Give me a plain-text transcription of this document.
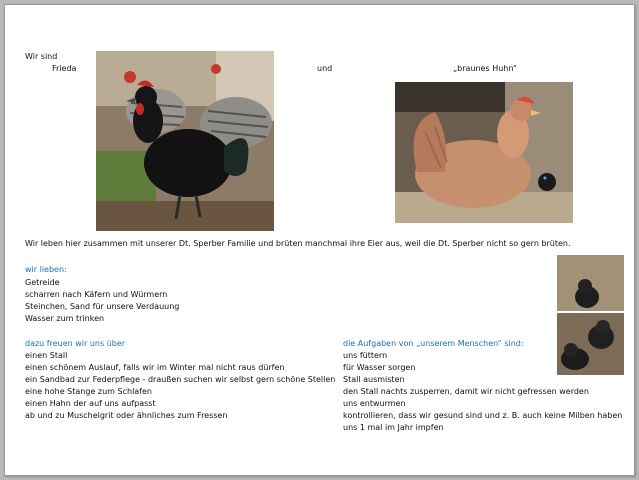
Wir sind
Frieda	und	„braunes Huhn“
Wir leben hier zusammen mit unserer Dt. Sperber Familie und brüten manchmal ihre Eier aus, weil die Dt. Sperber nicht so gern brüten.
wir lieben:
Getreide
scharren nach Käfern und Würmern
Steinchen, Sand für unsere Verdauung
Wasser zum trinken
dazu freuen wir uns über
einen Stall
einen schönem Auslauf, falls wir im Winter mal nicht raus dürfen
ein Sandbad zur Federpflege - draußen suchen wir selbst gern schöne Stellen
eine hohe Stange zum Schlafen
einen Hahn der auf uns aufpasst
ab und zu Muschelgrit oder ähnliches zum Fressen
die Aufgaben von „unserem Menschen“ sind:
uns füttern
für Wasser sorgen
Stall ausmisten
den Stall nachts zusperren, damit wir nicht gefressen werden
uns entwurmen
kontrollieren, dass wir gesund sind und z. B. auch keine Milben haben
uns 1 mal im Jahr impfen
